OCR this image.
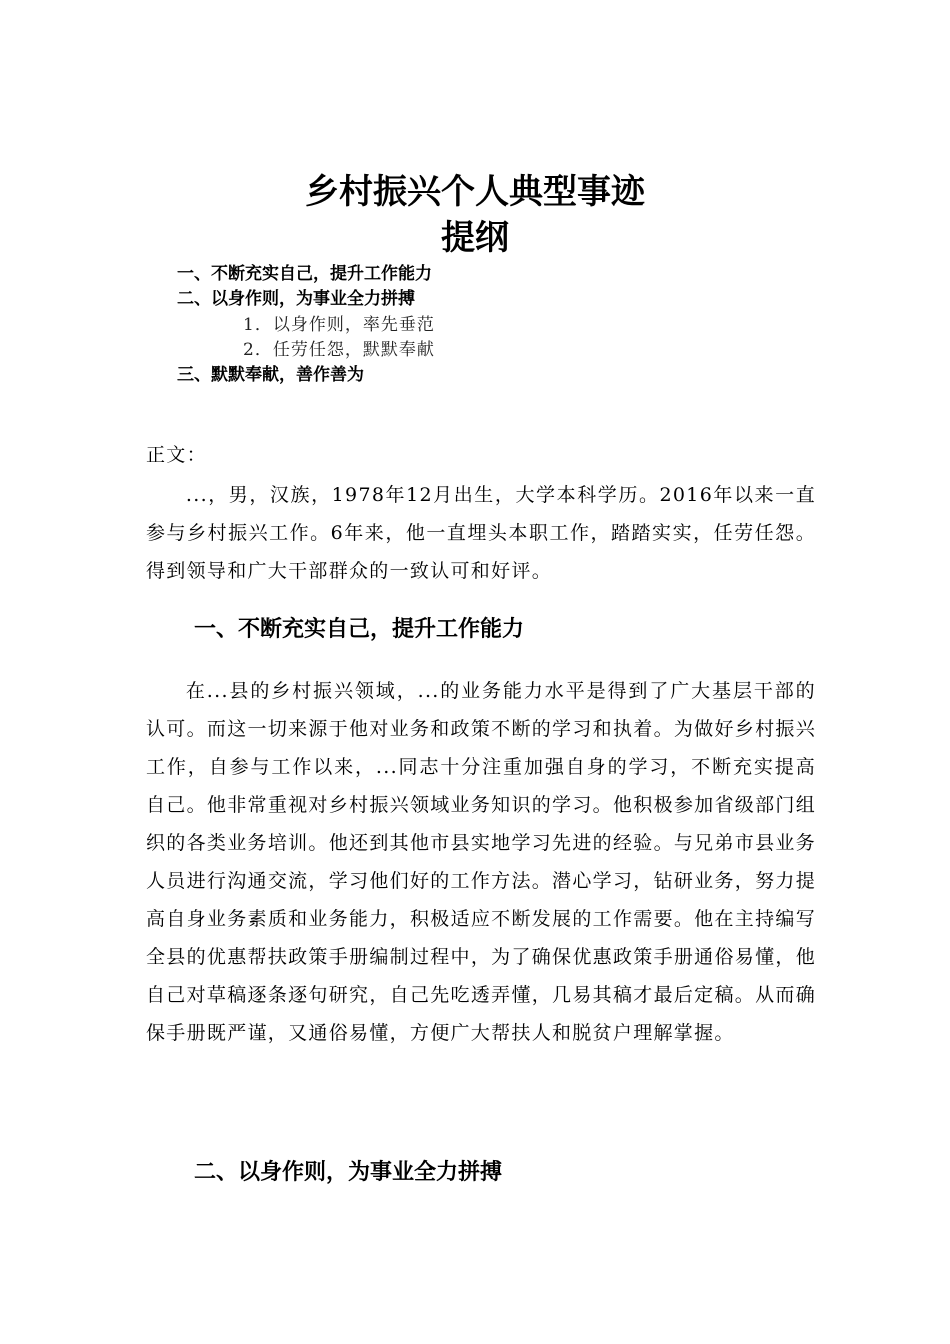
乡村振兴个人典型事迹
提纲
一、不断充实自己，提升工作能力
二、以身作则，为事业全力拼搏
1．以身作则，率先垂范
2．任劳任怨，默默奉献
三、默默奉献，善作善为
正文：

...，男，汉族，1978年12月出生，大学本科学历。2016年以来一直参与乡村振兴工作。6年来，他一直埋头本职工作，踏踏实实，任劳任怨。得到领导和广大干部群众的一致认可和好评。

一、不断充实自己，提升工作能力

在...县的乡村振兴领域，...的业务能力水平是得到了广大基层干部的认可。而这一切来源于他对业务和政策不断的学习和执着。为做好乡村振兴工作，自参与工作以来，...同志十分注重加强自身的学习，不断充实提高自己。他非常重视对乡村振兴领域业务知识的学习。他积极参加省级部门组织的各类业务培训。他还到其他市县实地学习先进的经验。与兄弟市县业务人员进行沟通交流，学习他们好的工作方法。潜心学习，钻研业务，努力提高自身业务素质和业务能力，积极适应不断发展的工作需要。他在主持编写全县的优惠帮扶政策手册编制过程中，为了确保优惠政策手册通俗易懂，他自己对草稿逐条逐句研究，自己先吃透弄懂，几易其稿才最后定稿。从而确保手册既严谨，又通俗易懂，方便广大帮扶人和脱贫户理解掌握。

二、以身作则，为事业全力拼搏
